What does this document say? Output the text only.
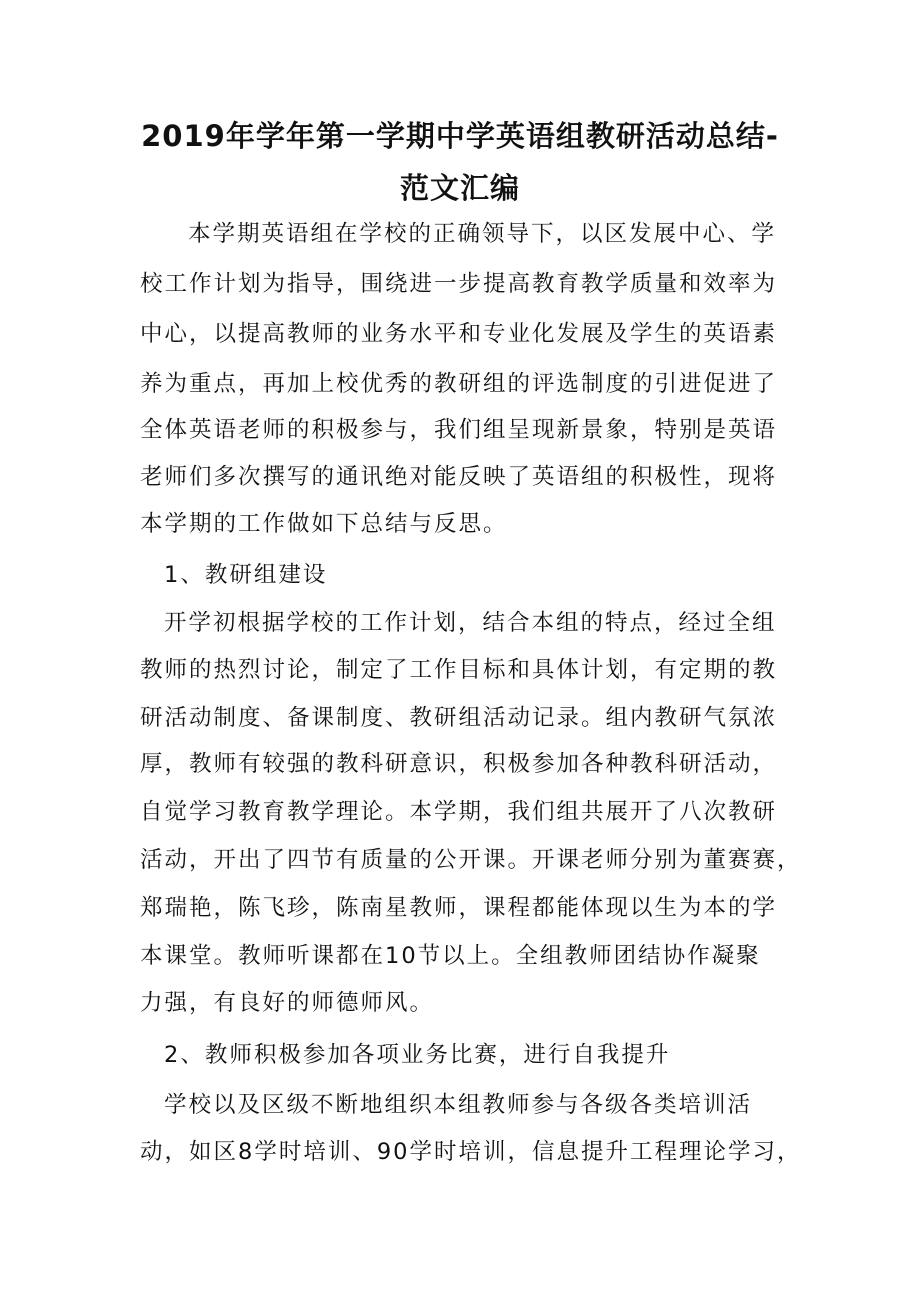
2019年学年第一学期中学英语组教研活动总结-
范文汇编
本学期英语组在学校的正确领导下，以区发展中心、学
校工作计划为指导，围绕进一步提高教育教学质量和效率为
中心，以提高教师的业务水平和专业化发展及学生的英语素
养为重点，再加上校优秀的教研组的评选制度的引进促进了
全体英语老师的积极参与，我们组呈现新景象，特别是英语
老师们多次撰写的通讯绝对能反映了英语组的积极性，现将
本学期的工作做如下总结与反思。
1、教研组建设
开学初根据学校的工作计划，结合本组的特点，经过全组
教师的热烈讨论，制定了工作目标和具体计划，有定期的教
研活动制度、备课制度、教研组活动记录。组内教研气氛浓
厚，教师有较强的教科研意识，积极参加各种教科研活动，
自觉学习教育教学理论。本学期，我们组共展开了八次教研
活动，开出了四节有质量的公开课。开课老师分别为董赛赛，
郑瑞艳，陈飞珍，陈南星教师，课程都能体现以生为本的学
本课堂。教师听课都在10节以上。全组教师团结协作凝聚
力强，有良好的师德师风。
2、教师积极参加各项业务比赛，进行自我提升
学校以及区级不断地组织本组教师参与各级各类培训活
动，如区8学时培训、90学时培训，信息提升工程理论学习，
